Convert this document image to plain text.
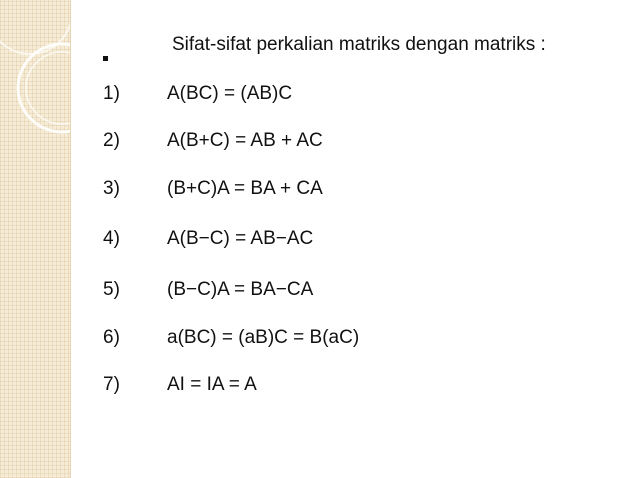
Sifat-sifat perkalian matriks dengan matriks :
1) A(BC) = (AB)C
2) A(B+C) = AB + AC
3) (B+C)A = BA + CA
4) A(B−C) = AB−AC
5) (B−C)A = BA−CA
6) a(BC) = (aB)C = B(aC)
7) AI = IA = A
